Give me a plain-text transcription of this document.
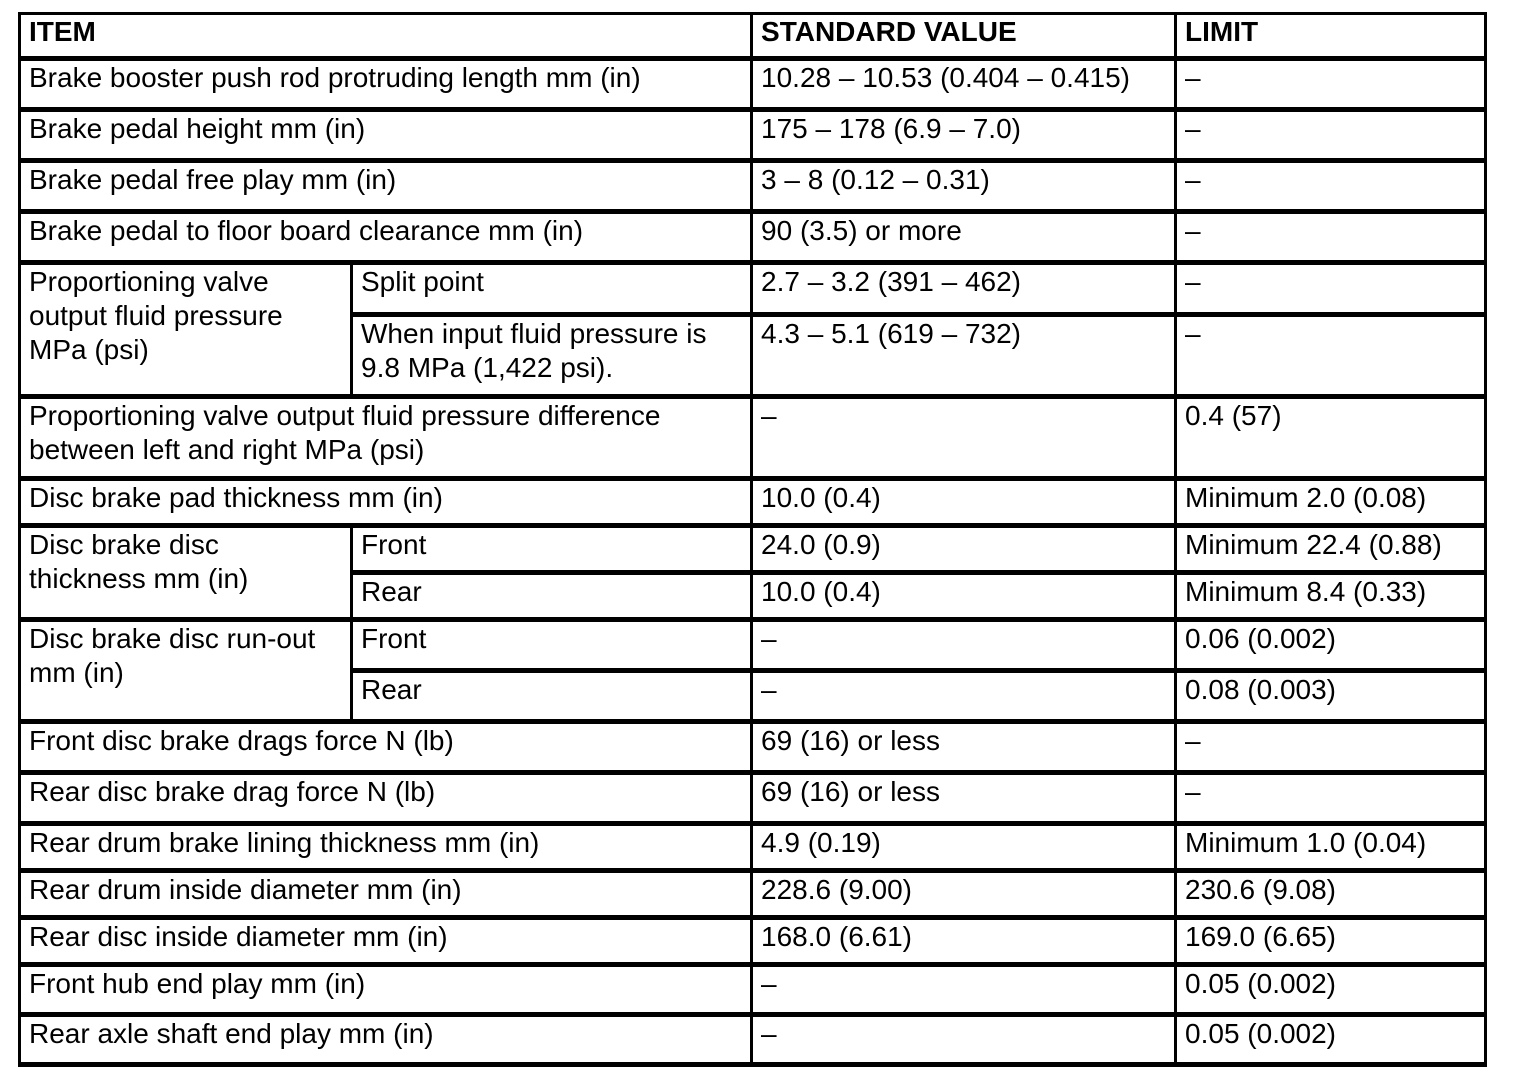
ITEM		STANDARD VALUE	LIMIT
Brake booster push rod protruding length mm (in)		10.28 – 10.53 (0.404 – 0.415)	–
Brake pedal height mm (in)		175 – 178 (6.9 – 7.0)	–
Brake pedal free play mm (in)		3 – 8 (0.12 – 0.31)	–
Brake pedal to floor board clearance mm (in)		90 (3.5) or more	–
Proportioning valve output fluid pressure MPa (psi)	Split point	2.7 – 3.2 (391 – 462)	–
	When input fluid pressure is 9.8 MPa (1,422 psi).	4.3 – 5.1 (619 – 732)	–
Proportioning valve output fluid pressure difference between left and right MPa (psi)		–	0.4 (57)
Disc brake pad thickness mm (in)		10.0 (0.4)	Minimum 2.0 (0.08)
Disc brake disc thickness mm (in)	Front	24.0 (0.9)	Minimum 22.4 (0.88)
	Rear	10.0 (0.4)	Minimum 8.4 (0.33)
Disc brake disc run-out mm (in)	Front	–	0.06 (0.002)
	Rear	–	0.08 (0.003)
Front disc brake drags force N (lb)		69 (16) or less	–
Rear disc brake drag force N (lb)		69 (16) or less	–
Rear drum brake lining thickness mm (in)		4.9 (0.19)	Minimum 1.0 (0.04)
Rear drum inside diameter mm (in)		228.6 (9.00)	230.6 (9.08)
Rear disc inside diameter mm (in)		168.0 (6.61)	169.0 (6.65)
Front hub end play mm (in)		–	0.05 (0.002)
Rear axle shaft end play mm (in)		–	0.05 (0.002)
